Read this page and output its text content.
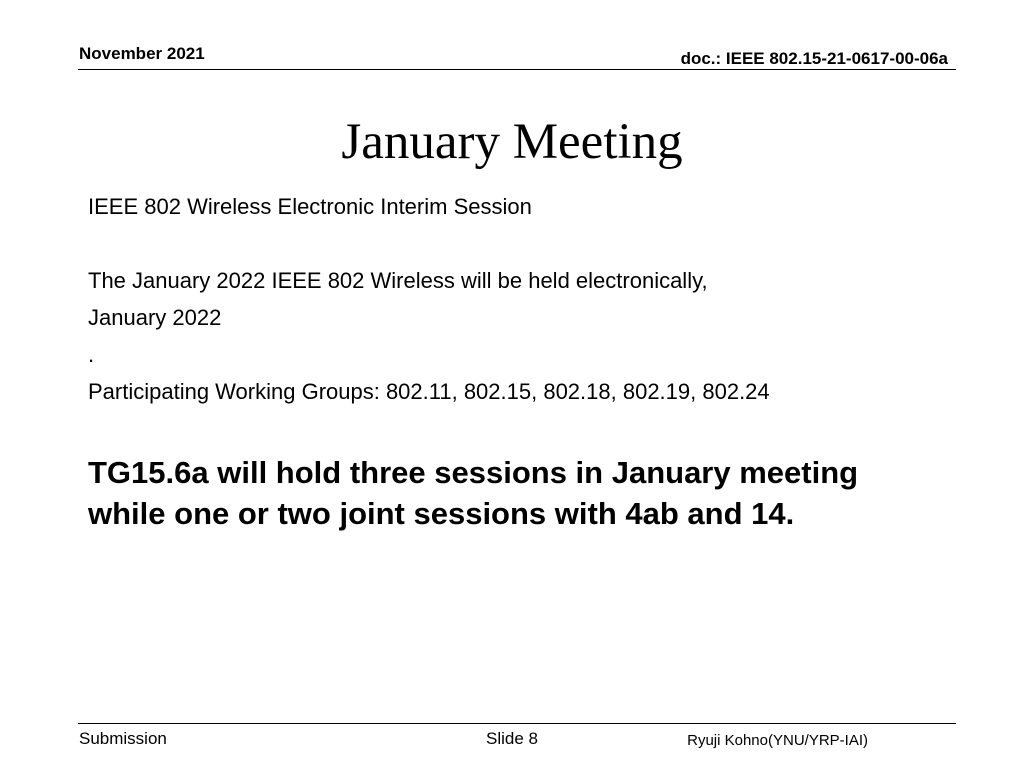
November 2021	doc.: IEEE 802.15-21-0617-00-06a
January Meeting
IEEE 802 Wireless Electronic Interim Session
The January 2022 IEEE 802 Wireless will be held electronically,
January 2022
.
Participating Working Groups: 802.11, 802.15, 802.18, 802.19, 802.24
TG15.6a will hold three sessions in January meeting
while one or two joint sessions with 4ab and 14.
Submission	Slide 8	Ryuji Kohno(YNU/YRP-IAI)
